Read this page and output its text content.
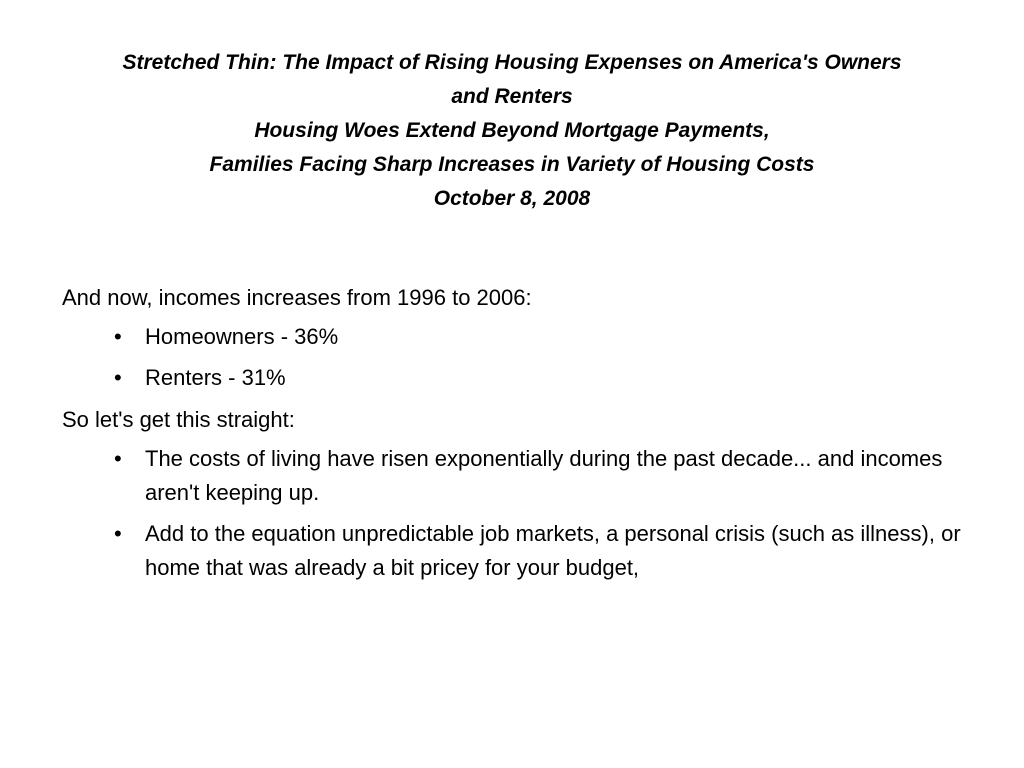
Stretched Thin: The Impact of Rising Housing Expenses on America's Owners
and Renters
Housing Woes Extend Beyond Mortgage Payments,
Families Facing Sharp Increases in Variety of Housing Costs
October 8, 2008
And now, incomes increases from 1996 to 2006:
• Homeowners - 36%
• Renters - 31%
So let's get this straight:
• The costs of living have risen exponentially during the past decade... and incomes aren't keeping up.
• Add to the equation unpredictable job markets, a personal crisis (such as illness), or home that was already a bit pricey for your budget,
